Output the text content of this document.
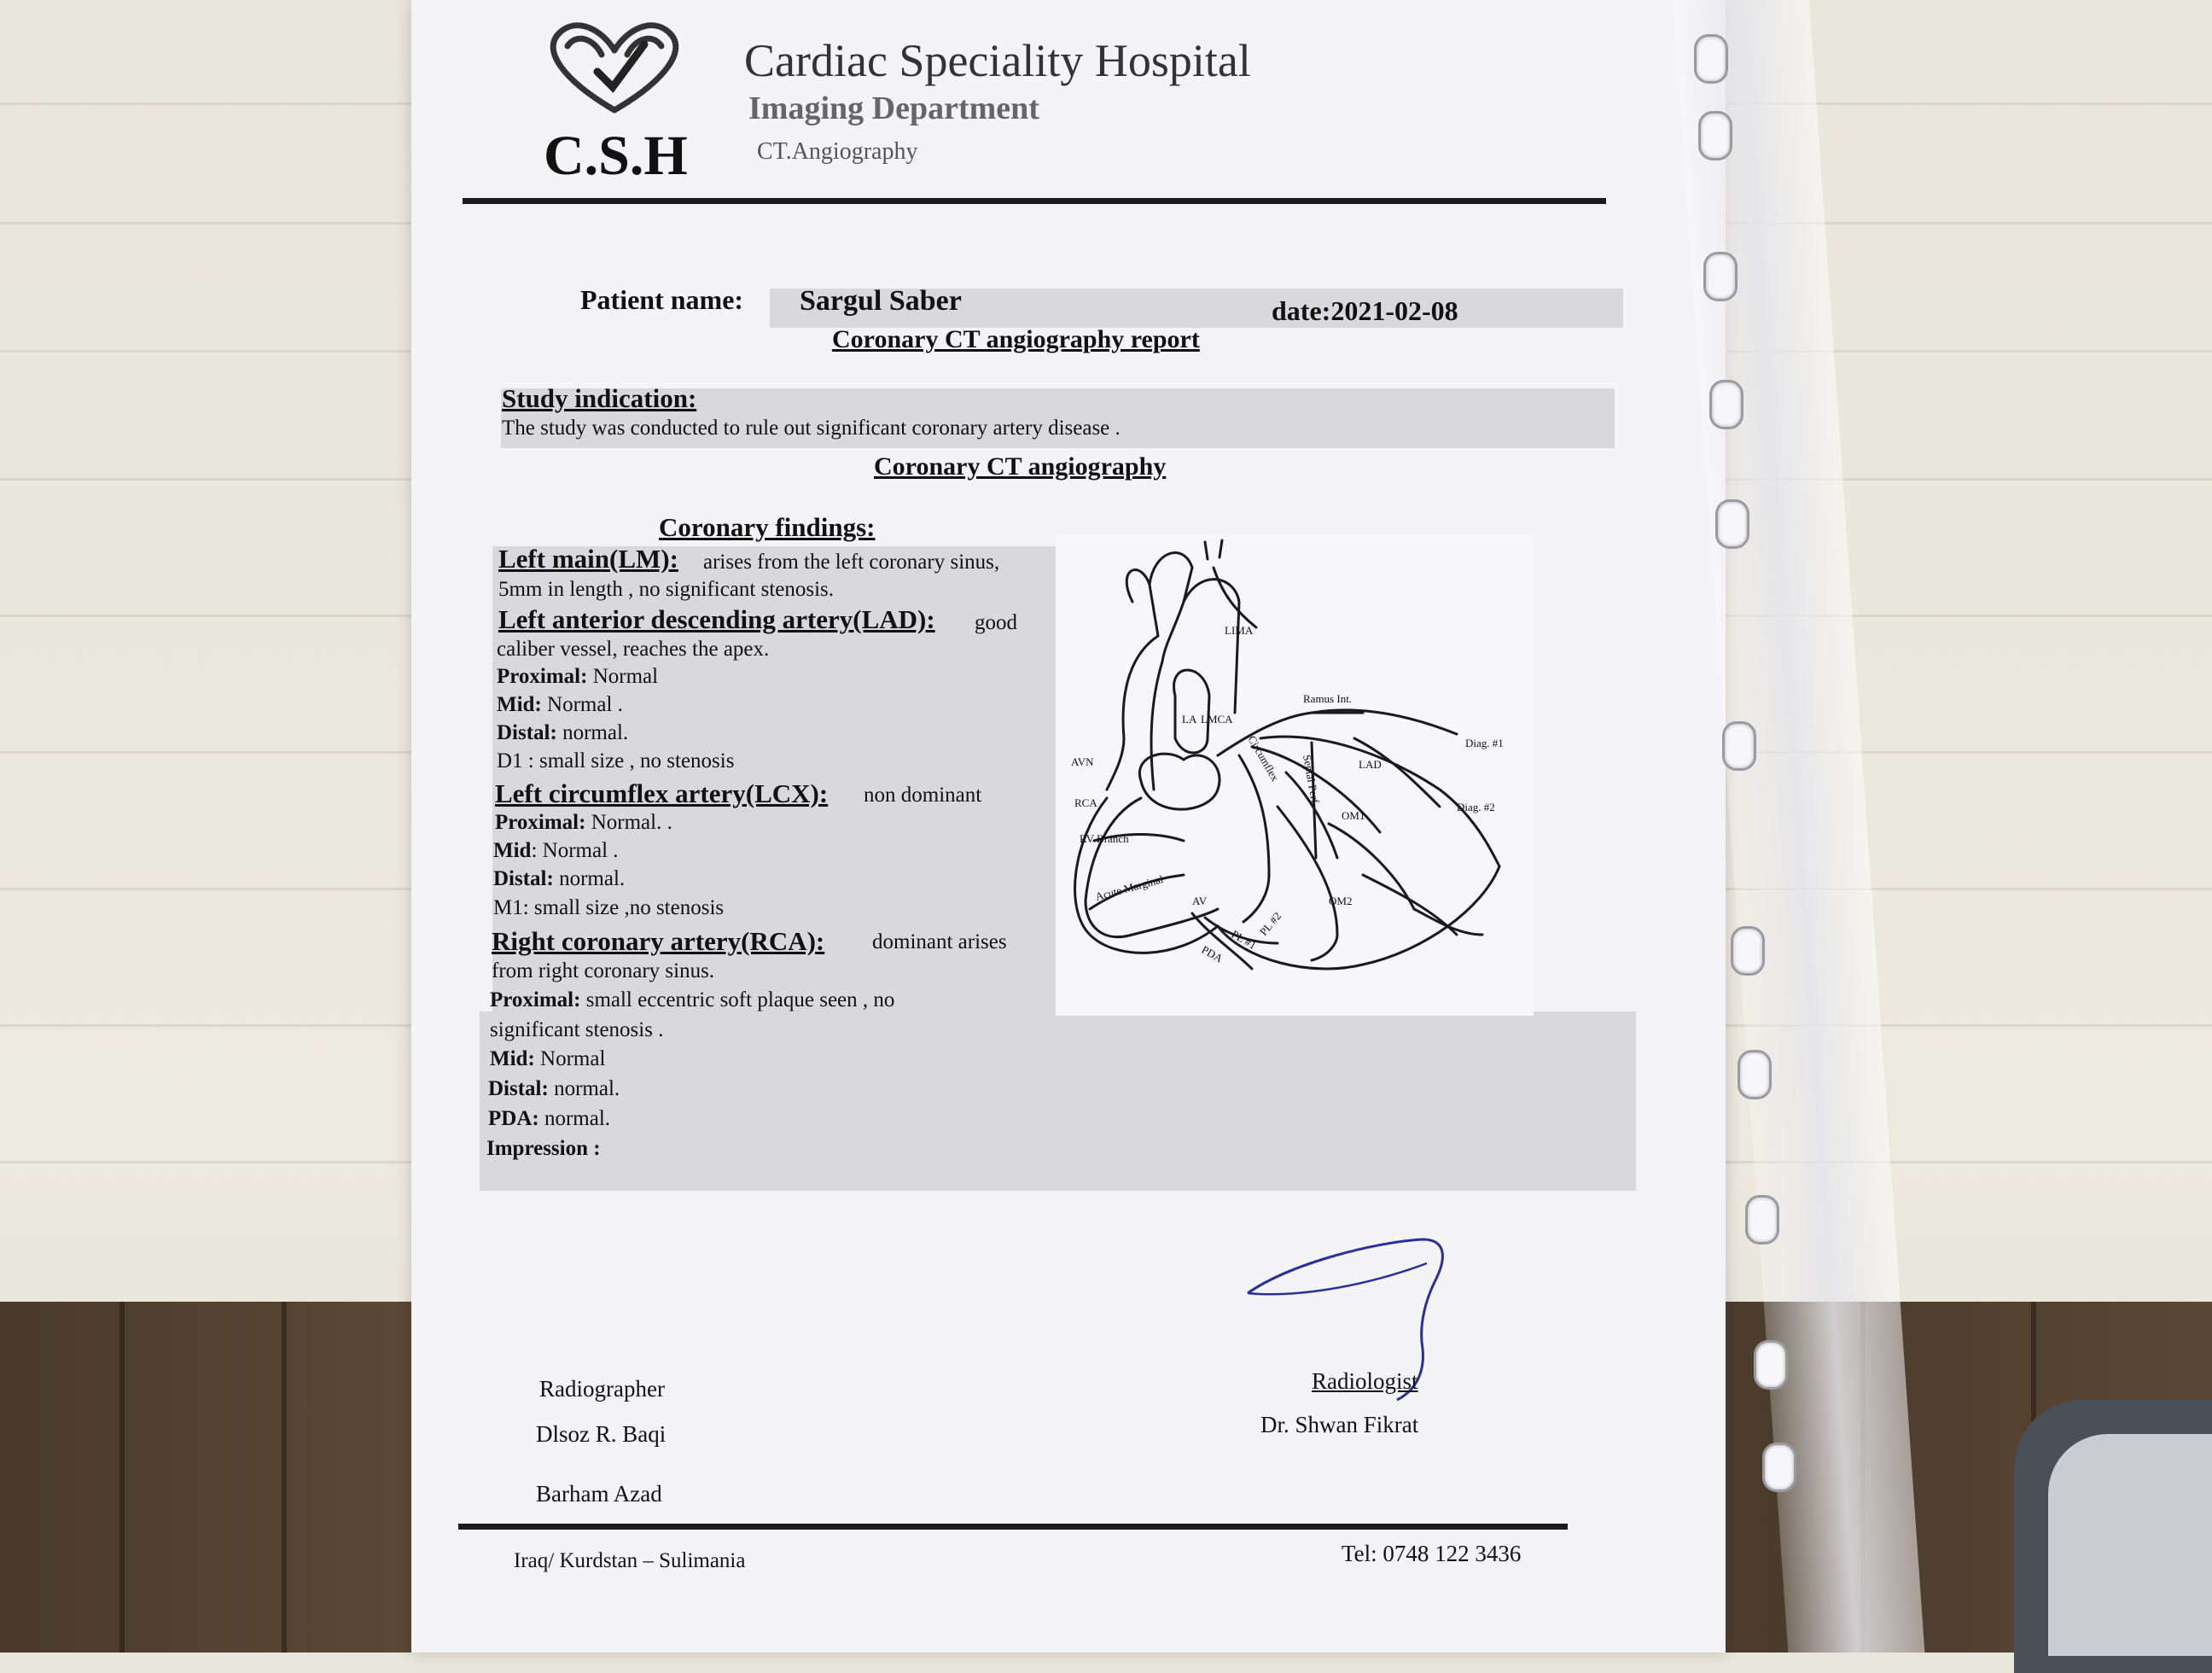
C.S.H
Cardiac Speciality Hospital
Imaging Department
CT.Angiography
Patient name: Sargul Saber	date:2021-02-08
Coronary CT angiography report
Study indication:
The study was conducted to rule out significant coronary artery disease .
Coronary CT angiography
Coronary findings:
Left main(LM): arises from the left coronary sinus,
5mm in length , no significant stenosis.
Left anterior descending artery(LAD): good
caliber vessel, reaches the apex.
Proximal: Normal
Mid: Normal .
Distal: normal.
D1 : small size , no stenosis
Left circumflex artery(LCX): non dominant
Proximal: Normal. .
Mid: Normal .
Distal: normal.
M1: small size ,no stenosis
Right coronary artery(RCA): dominant arises
from right coronary sinus.
Proximal: small eccentric soft plaque seen , no
significant stenosis .
Mid: Normal
Distal: normal.
PDA: normal.
Impression :
LIMA
Ramus Int.
LA LMCA
Diag. #1
Diag. #2
LAD
AVN
RCA
Circumflex Septal Perf.
OM1
OM2
RV Branch
Acute Marginal AV
PDA
PL #1
PL #2
Radiographer
Dlsoz R. Baqi
Barham Azad
Radiologist
Dr. Shwan Fikrat
Iraq/ Kurdstan – Sulimania	Tel: 0748 122 3436
